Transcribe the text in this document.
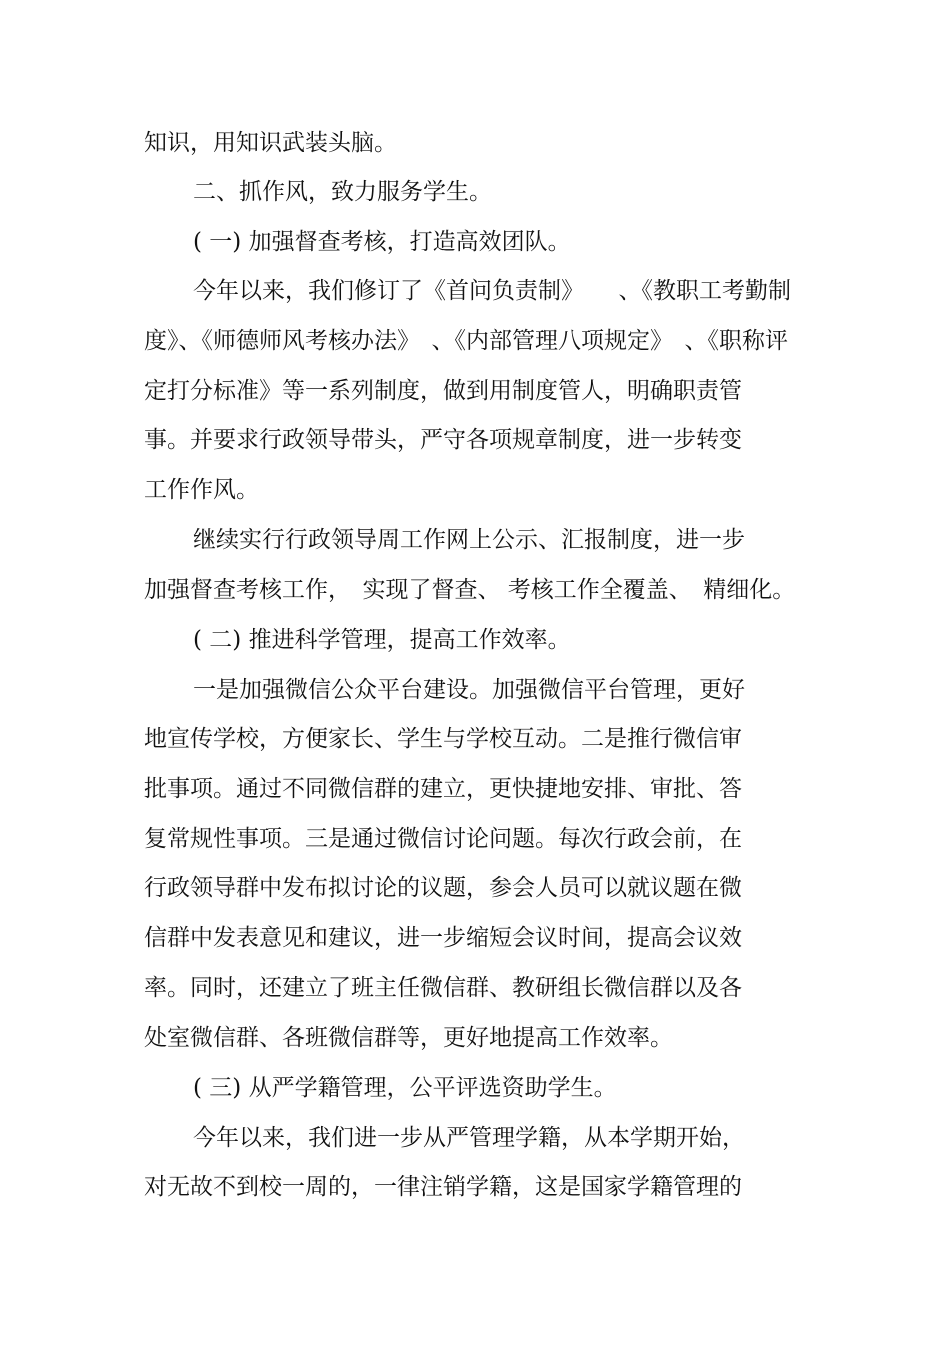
知识，用知识武装头脑。
二、抓作风，致力服务学生。
( 一) 加强督查考核，打造高效团队。
今年以来，我们修订了《首问负责制》　　、《教职工考勤制
度》、《师德师风考核办法》　、《内部管理八项规定》　、《职称评
定打分标准》等一系列制度，做到用制度管人，明确职责管
事。并要求行政领导带头，严守各项规章制度，进一步转变
工作作风。
继续实行行政领导周工作网上公示、汇报制度，进一步
加强督查考核工作，　实现了督查、 考核工作全覆盖、　精细化。
( 二) 推进科学管理，提高工作效率。
一是加强微信公众平台建设。加强微信平台管理，更好
地宣传学校，方便家长、学生与学校互动。二是推行微信审
批事项。通过不同微信群的建立，更快捷地安排、审批、答
复常规性事项。三是通过微信讨论问题。每次行政会前，在
行政领导群中发布拟讨论的议题，参会人员可以就议题在微
信群中发表意见和建议，进一步缩短会议时间，提高会议效
率。同时，还建立了班主任微信群、教研组长微信群以及各
处室微信群、各班微信群等，更好地提高工作效率。
( 三) 从严学籍管理，公平评选资助学生。
今年以来，我们进一步从严管理学籍，从本学期开始，
对无故不到校一周的，一律注销学籍，这是国家学籍管理的
